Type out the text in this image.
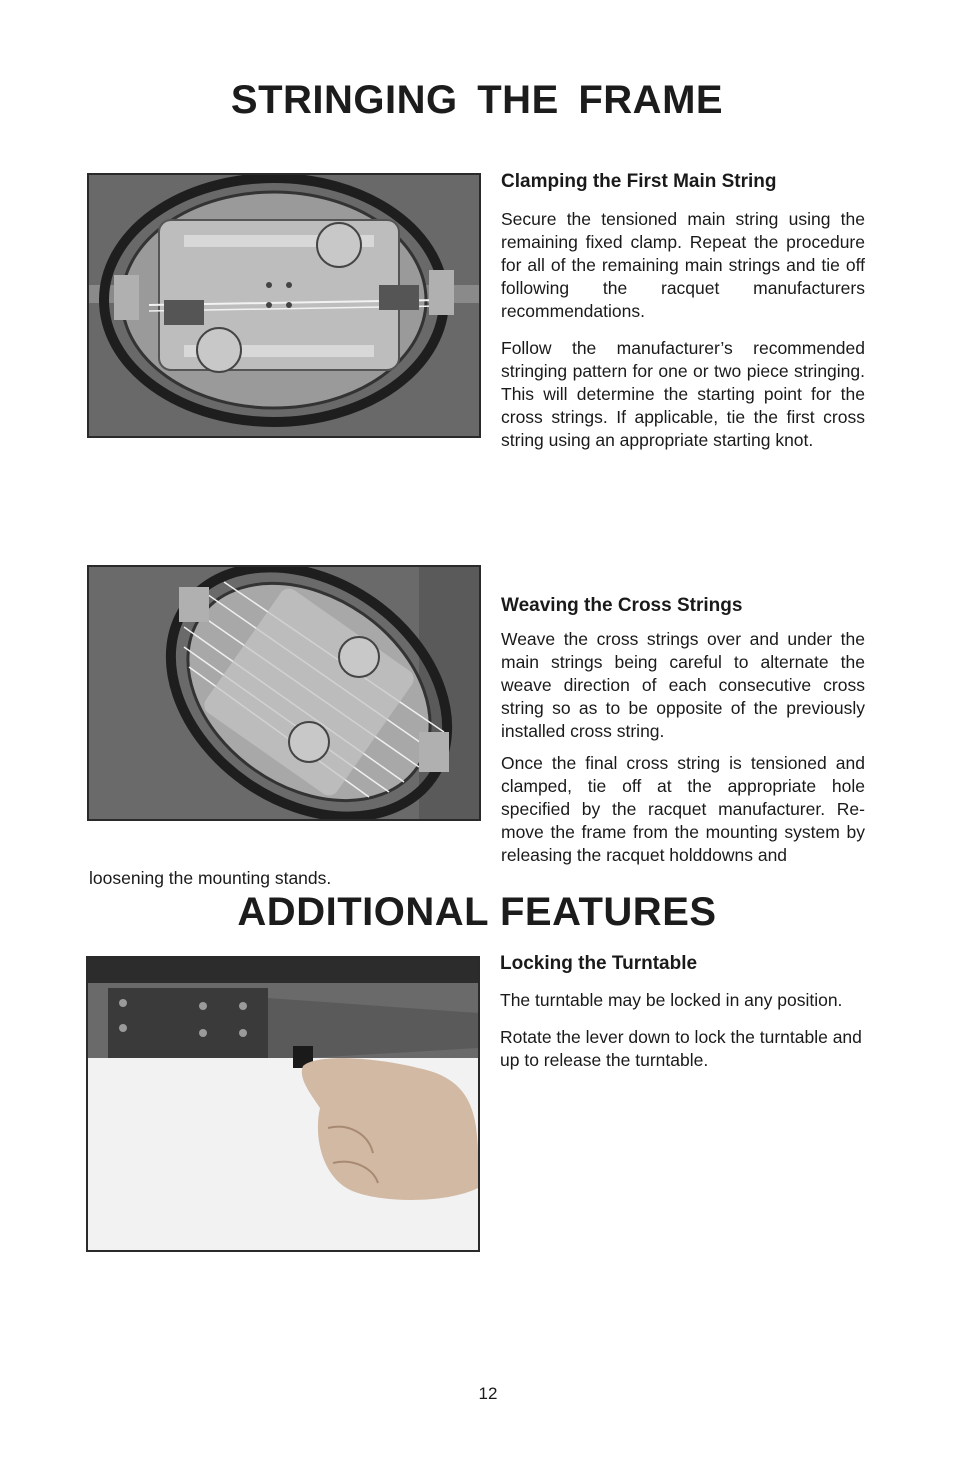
STRINGING THE FRAME
Clamping the First Main String

Secure the tensioned main string using the remaining fixed clamp. Repeat the procedure for all of the remaining main strings and tie off following the racquet manufacturers recommendations.

Follow the manufacturer’s recommended stringing pattern for one or two piece stringing. This will determine the starting point for the cross strings. If applicable, tie the first cross string using an appropriate starting knot.

Weaving the Cross Strings

Weave the cross strings over and under the main strings being careful to alternate the weave direction of each consecutive cross string so as to be opposite of the previously installed cross string.

Once the final cross string is tensioned and clamped, tie off at the appropriate hole specified by the racquet manufacturer. Re-move the frame from the mounting system by releasing the racquet holddowns and

loosening the mounting stands.
ADDITIONAL FEATURES
Locking the Turntable

The turntable may be locked in any position.

Rotate the lever down to lock the turntable and up to release the turntable.

12
